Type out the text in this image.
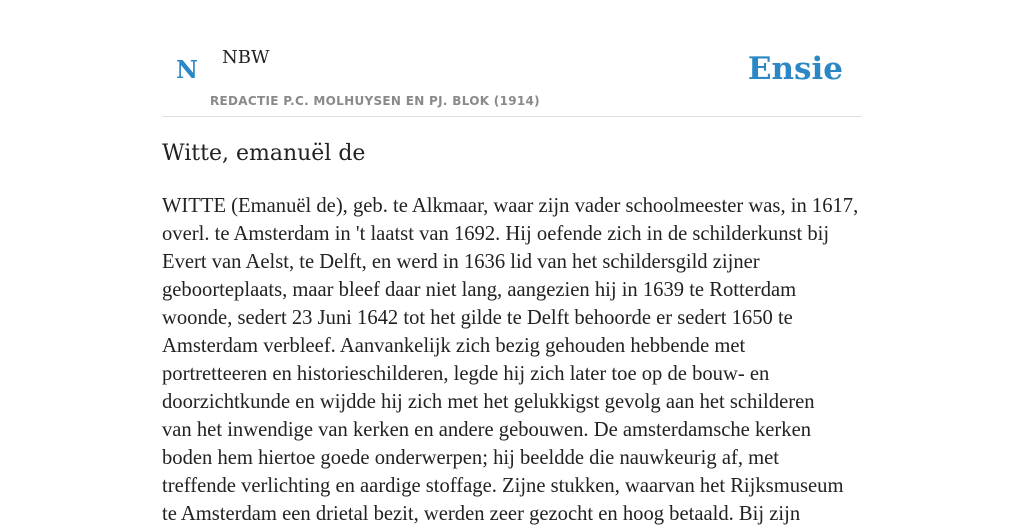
N NBW
REDACTIE P.C. MOLHUYSEN EN PJ. BLOK (1914)
Ensie
Witte, emanuël de

WITTE (Emanuël de), geb. te Alkmaar, waar zijn vader schoolmeester was, in 1617,
overl. te Amsterdam in 't laatst van 1692. Hij oefende zich in de schilderkunst bij
Evert van Aelst, te Delft, en werd in 1636 lid van het schildersgild zijner
geboorteplaats, maar bleef daar niet lang, aangezien hij in 1639 te Rotterdam
woonde, sedert 23 Juni 1642 tot het gilde te Delft behoorde er sedert 1650 te
Amsterdam verbleef. Aanvankelijk zich bezig gehouden hebbende met
portretteeren en historieschilderen, legde hij zich later toe op de bouw- en
doorzichtkunde en wijdde hij zich met het gelukkigst gevolg aan het schilderen
van het inwendige van kerken en andere gebouwen. De amsterdamsche kerken
boden hem hiertoe goede onderwerpen; hij beeldde die nauwkeurig af, met
treffende verlichting en aardige stoffage. Zijne stukken, waarvan het Rijksmuseum
te Amsterdam een drietal bezit, werden zeer gezocht en hoog betaald. Bij zijn
